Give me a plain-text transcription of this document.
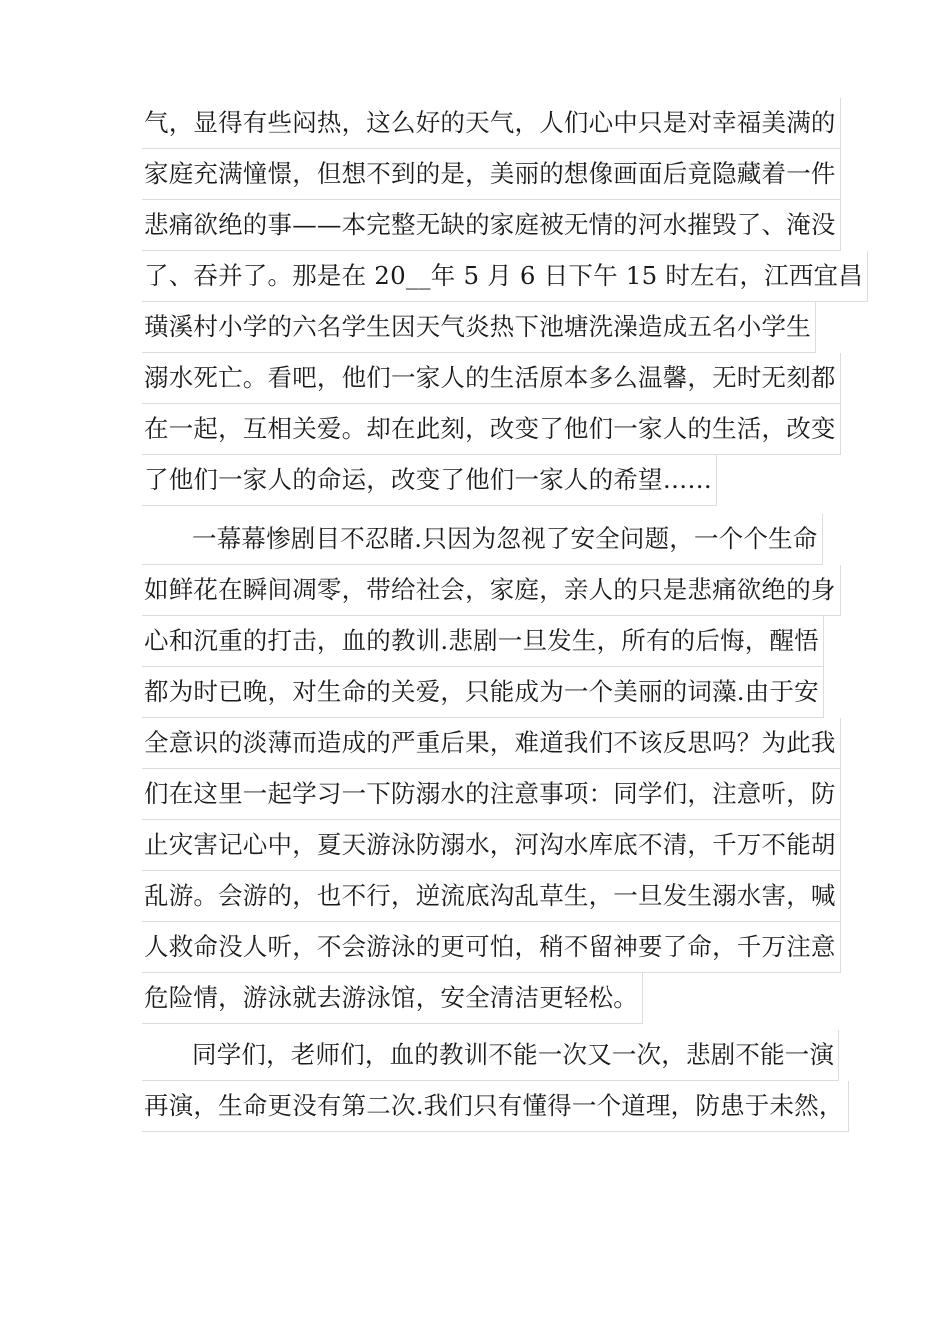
气，显得有些闷热，这么好的天气，人们心中只是对幸福美满的
家庭充满憧憬，但想不到的是，美丽的想像画面后竟隐藏着一件
悲痛欲绝的事——本完整无缺的家庭被无情的河水摧毁了、淹没
了、吞并了。那是在 20__年 5 月 6 日下午 15 时左右，江西宜昌
璜溪村小学的六名学生因天气炎热下池塘洗澡造成五名小学生
溺水死亡。看吧，他们一家人的生活原本多么温馨，无时无刻都
在一起，互相关爱。却在此刻，改变了他们一家人的生活，改变
了他们一家人的命运，改变了他们一家人的希望……
一幕幕惨剧目不忍睹.只因为忽视了安全问题，一个个生命
如鲜花在瞬间凋零，带给社会，家庭，亲人的只是悲痛欲绝的身
心和沉重的打击，血的教训.悲剧一旦发生，所有的后悔，醒悟
都为时已晚，对生命的关爱，只能成为一个美丽的词藻.由于安
全意识的淡薄而造成的严重后果，难道我们不该反思吗？为此我
们在这里一起学习一下防溺水的注意事项：同学们，注意听，防
止灾害记心中，夏天游泳防溺水，河沟水库底不清，千万不能胡
乱游。会游的，也不行，逆流底沟乱草生，一旦发生溺水害，喊
人救命没人听，不会游泳的更可怕，稍不留神要了命，千万注意
危险情，游泳就去游泳馆，安全清洁更轻松。
同学们，老师们，血的教训不能一次又一次，悲剧不能一演
再演，生命更没有第二次.我们只有懂得一个道理，防患于未然，
